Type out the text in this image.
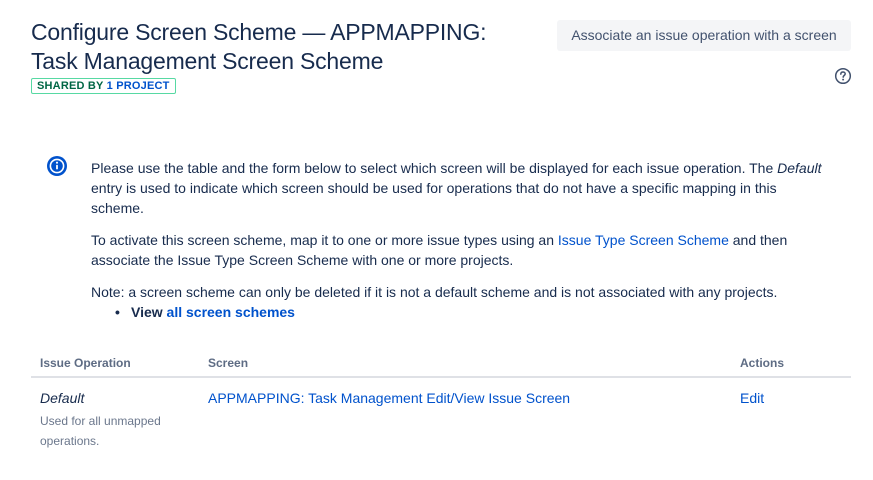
Configure Screen Scheme — APPMAPPING: Task Management Screen Scheme
SHARED BY 1 PROJECT
Associate an issue operation with a screen

Please use the table and the form below to select which screen will be displayed for each issue operation. The Default entry is used to indicate which screen should be used for operations that do not have a specific mapping in this scheme.

To activate this screen scheme, map it to one or more issue types using an Issue Type Screen Scheme and then associate the Issue Type Screen Scheme with one or more projects.

Note: a screen scheme can only be deleted if it is not a default scheme and is not associated with any projects.

• View all screen schemes
Issue Operation	Screen	Actions

Default
Used for all unmapped operations.	APPMAPPING: Task Management Edit/View Issue Screen	Edit
